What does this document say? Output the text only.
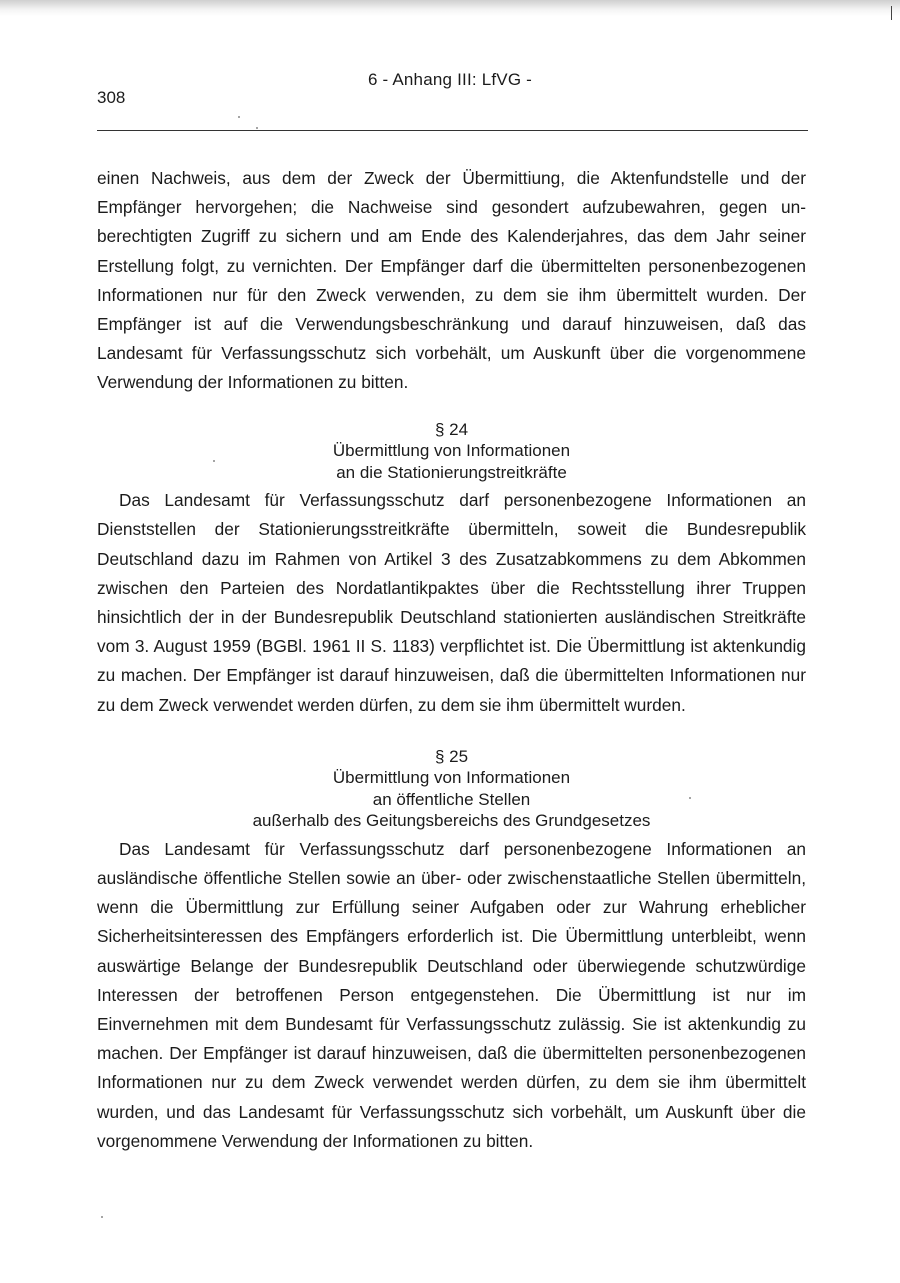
308
6 - Anhang III: LfVG -

einen Nachweis, aus dem der Zweck der Übermittiung, die Aktenfundstelle und der Empfänger hervorgehen; die Nachweise sind gesondert aufzubewahren, gegen unberechtigten Zugriff zu sichern und am Ende des Kalenderjahres, das dem Jahr seiner Erstellung folgt, zu vernichten. Der Empfänger darf die übermittelten personenbezogenen Informationen nur für den Zweck verwenden, zu dem sie ihm übermittelt wurden. Der Empfänger ist auf die Verwendungsbeschränkung und darauf hinzuweisen, daß das Landesamt für Verfassungsschutz sich vorbehält, um Auskunft über die vorgenommene Verwendung der Informationen zu bitten.

§ 24
Übermittlung von Informationen
an die Stationierungstreitkräfte

Das Landesamt für Verfassungsschutz darf personenbezogene Informationen an Dienststellen der Stationierungsstreitkräfte übermitteln, soweit die Bundesrepublik Deutschland dazu im Rahmen von Artikel 3 des Zusatzabkommens zu dem Abkommen zwischen den Parteien des Nordatlantikpaktes über die Rechtsstellung ihrer Truppen hinsichtlich der in der Bundesrepublik Deutschland stationierten ausländischen Streitkräfte vom 3. August 1959 (BGBl. 1961 II S. 1183) verpflichtet ist. Die Übermittlung ist aktenkundig zu machen. Der Empfänger ist darauf hinzuweisen, daß die übermittelten Informationen nur zu dem Zweck verwendet werden dürfen, zu dem sie ihm übermittelt wurden.

§ 25
Übermittlung von Informationen
an öffentliche Stellen
außerhalb des Geitungsbereichs des Grundgesetzes

Das Landesamt für Verfassungsschutz darf personenbezogene Informationen an ausländische öffentliche Stellen sowie an über- oder zwischenstaatliche Stellen übermitteln, wenn die Übermittlung zur Erfüllung seiner Aufgaben oder zur Wahrung erheblicher Sicherheitsinteressen des Empfängers erforderlich ist. Die Übermittlung unterbleibt, wenn auswärtige Belange der Bundesrepublik Deutschland oder überwiegende schutzwürdige Interessen der betroffenen Person entgegenstehen. Die Übermittlung ist nur im Einvernehmen mit dem Bundesamt für Verfassungsschutz zulässig. Sie ist aktenkundig zu machen. Der Empfänger ist darauf hinzuweisen, daß die übermittelten personenbezogenen Informationen nur zu dem Zweck verwendet werden dürfen, zu dem sie ihm übermittelt wurden, und das Landesamt für Verfassungsschutz sich vorbehält, um Auskunft über die vorgenommene Verwendung der Informationen zu bitten.
